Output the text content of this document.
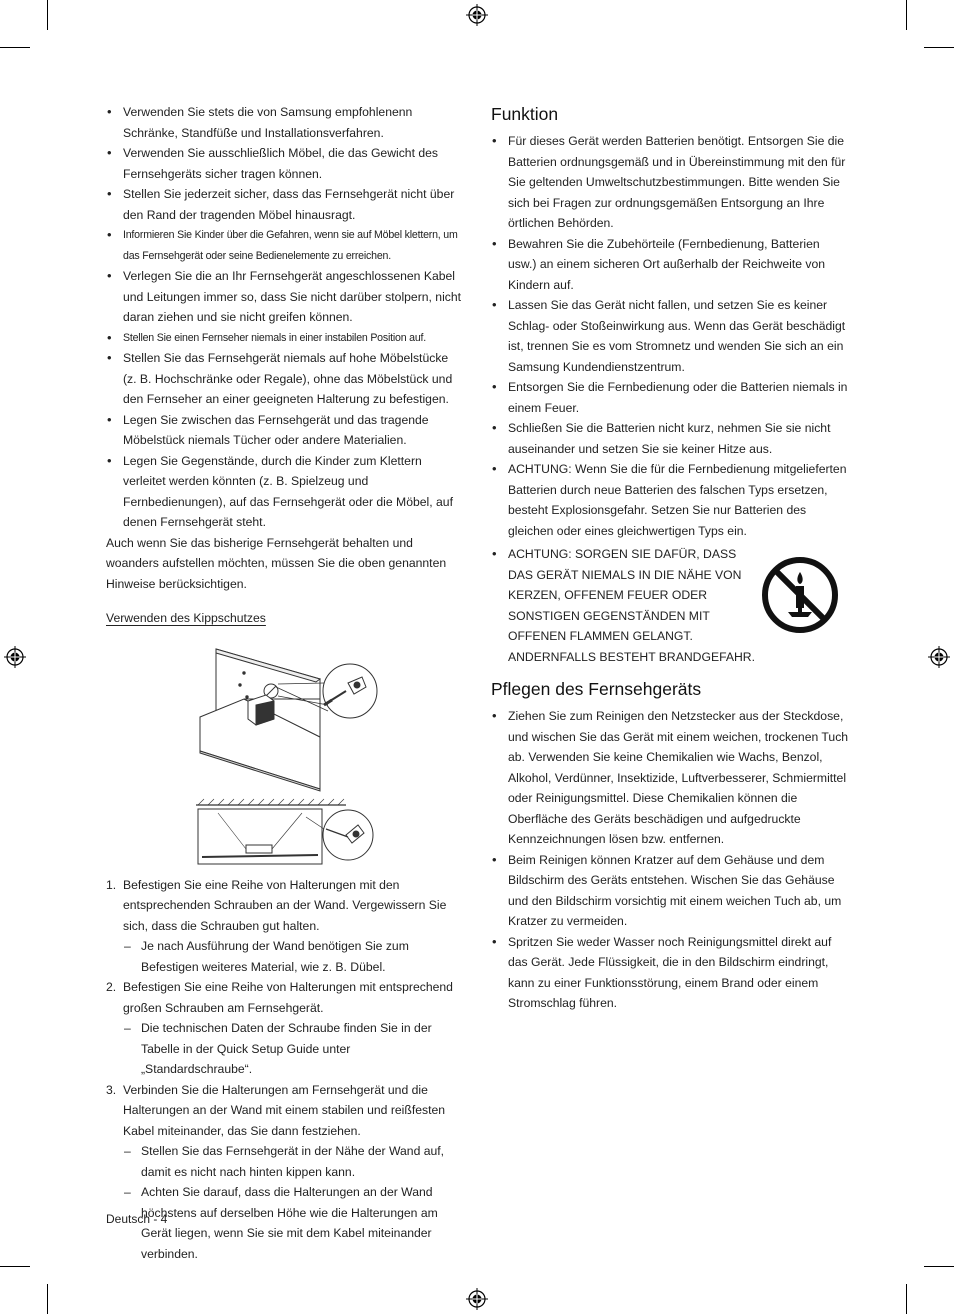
• Verwenden Sie stets die von Samsung empfohlenenn Schränke, Standfüße und Installationsverfahren.
• Verwenden Sie ausschließlich Möbel, die das Gewicht des Fernsehgeräts sicher tragen können.
• Stellen Sie jederzeit sicher, dass das Fernsehgerät nicht über den Rand der tragenden Möbel hinausragt.
• Informieren Sie Kinder über die Gefahren, wenn sie auf Möbel klettern, um das Fernsehgerät oder seine Bedienelemente zu erreichen.
• Verlegen Sie die an Ihr Fernsehgerät angeschlossenen Kabel und Leitungen immer so, dass Sie nicht darüber stolpern, nicht daran ziehen und sie nicht greifen können.
• Stellen Sie einen Fernseher niemals in einer instabilen Position auf.
• Stellen Sie das Fernsehgerät niemals auf hohe Möbelstücke (z. B. Hochschränke oder Regale), ohne das Möbelstück und den Fernseher an einer geeigneten Halterung zu befestigen.
• Legen Sie zwischen das Fernsehgerät und das tragende Möbelstück niemals Tücher oder andere Materialien.
• Legen Sie Gegenstände, durch die Kinder zum Klettern verleitet werden könnten (z. B. Spielzeug und Fernbedienungen), auf das Fernsehgerät oder die Möbel, auf denen Fernsehgerät steht.

Auch wenn Sie das bisherige Fernsehgerät behalten und woanders aufstellen möchten, müssen Sie die oben genannten Hinweise berücksichtigen.

Verwenden des Kippschutzes
1. Befestigen Sie eine Reihe von Halterungen mit den entsprechenden Schrauben an der Wand. Vergewissern Sie sich, dass die Schrauben gut halten.
– Je nach Ausführung der Wand benötigen Sie zum Befestigen weiteres Material, wie z. B. Dübel.
2. Befestigen Sie eine Reihe von Halterungen mit entsprechend großen Schrauben am Fernsehgerät.
– Die technischen Daten der Schraube finden Sie in der Tabelle in der Quick Setup Guide unter „Standardschraube“.
3. Verbinden Sie die Halterungen am Fernsehgerät und die Halterungen an der Wand mit einem stabilen und reißfesten Kabel miteinander, das Sie dann festziehen.
– Stellen Sie das Fernsehgerät in der Nähe der Wand auf, damit es nicht nach hinten kippen kann.
– Achten Sie darauf, dass die Halterungen an der Wand höchstens auf derselben Höhe wie die Halterungen am Gerät liegen, wenn Sie sie mit dem Kabel miteinander verbinden.
Funktion
• Für dieses Gerät werden Batterien benötigt. Entsorgen Sie die Batterien ordnungsgemäß und in Übereinstimmung mit den für Sie geltenden Umweltschutzbestimmungen. Bitte wenden Sie sich bei Fragen zur ordnungsgemäßen Entsorgung an Ihre örtlichen Behörden.
• Bewahren Sie die Zubehörteile (Fernbedienung, Batterien usw.) an einem sicheren Ort außerhalb der Reichweite von Kindern auf.
• Lassen Sie das Gerät nicht fallen, und setzen Sie es keiner Schlag- oder Stoßeinwirkung aus. Wenn das Gerät beschädigt ist, trennen Sie es vom Stromnetz und wenden Sie sich an ein Samsung Kundendienstzentrum.
• Entsorgen Sie die Fernbedienung oder die Batterien niemals in einem Feuer.
• Schließen Sie die Batterien nicht kurz, nehmen Sie sie nicht auseinander und setzen Sie sie keiner Hitze aus.
• ACHTUNG: Wenn Sie die für die Fernbedienung mitgelieferten Batterien durch neue Batterien des falschen Typs ersetzen, besteht Explosionsgefahr. Setzen Sie nur Batterien des gleichen oder eines gleichwertigen Typs ein.
• ACHTUNG: SORGEN SIE DAFÜR, DASS DAS GERÄT NIEMALS IN DIE NÄHE VON KERZEN, OFFENEM FEUER ODER SONSTIGEN GEGENSTÄNDEN MIT OFFENEN FLAMMEN GELANGT. ANDERNFALLS BESTEHT BRANDGEFAHR.
Pflegen des Fernsehgeräts
• Ziehen Sie zum Reinigen den Netzstecker aus der Steckdose, und wischen Sie das Gerät mit einem weichen, trockenen Tuch ab. Verwenden Sie keine Chemikalien wie Wachs, Benzol, Alkohol, Verdünner, Insektizide, Luftverbesserer, Schmiermittel oder Reinigungsmittel. Diese Chemikalien können die Oberfläche des Geräts beschädigen und aufgedruckte Kennzeichnungen lösen bzw. entfernen.
• Beim Reinigen können Kratzer auf dem Gehäuse und dem Bildschirm des Geräts entstehen. Wischen Sie das Gehäuse und den Bildschirm vorsichtig mit einem weichen Tuch ab, um Kratzer zu vermeiden.
• Spritzen Sie weder Wasser noch Reinigungsmittel direkt auf das Gerät. Jede Flüssigkeit, die in den Bildschirm eindringt, kann zu einer Funktionsstörung, einem Brand oder einem Stromschlag führen.
Deutsch - 4
